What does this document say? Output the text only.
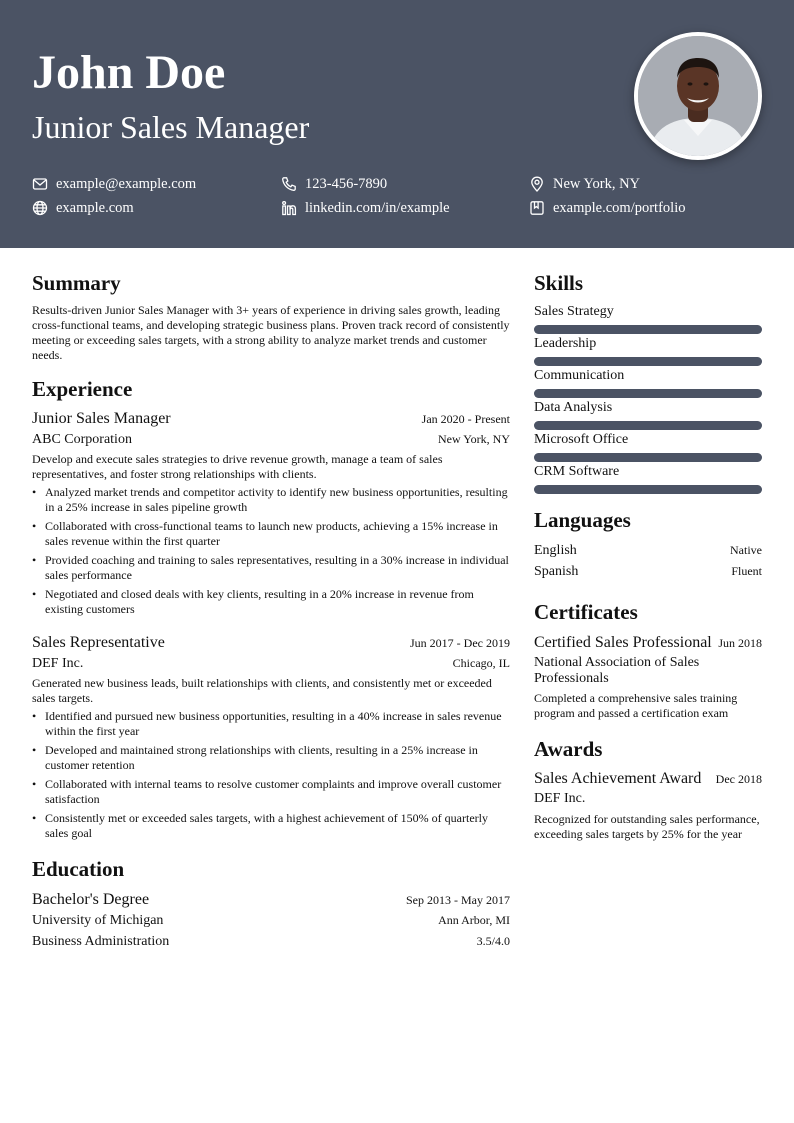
John Doe
Junior Sales Manager
example@example.com	123-456-7890	New York, NY
example.com	linkedin.com/in/example	example.com/portfolio
Summary

Results-driven Junior Sales Manager with 3+ years of experience in driving sales growth, leading cross-functional teams, and developing strategic business plans. Proven track record of consistently meeting or exceeding sales targets, with a strong ability to analyze market trends and customer needs.

Experience
Junior Sales Manager	Jan 2020 - Present
ABC Corporation	New York, NY

Develop and execute sales strategies to drive revenue growth, manage a team of sales representatives, and foster strong relationships with clients.

• Analyzed market trends and competitor activity to identify new business opportunities, resulting in a 25% increase in sales pipeline growth
• Collaborated with cross-functional teams to launch new products, achieving a 15% increase in sales revenue within the first quarter
• Provided coaching and training to sales representatives, resulting in a 30% increase in individual sales performance
• Negotiated and closed deals with key clients, resulting in a 20% increase in revenue from existing customers
Sales Representative	Jun 2017 - Dec 2019
DEF Inc.	Chicago, IL

Generated new business leads, built relationships with clients, and consistently met or exceeded sales targets.

• Identified and pursued new business opportunities, resulting in a 40% increase in sales revenue within the first year
• Developed and maintained strong relationships with clients, resulting in a 25% increase in customer retention
• Collaborated with internal teams to resolve customer complaints and improve overall customer satisfaction
• Consistently met or exceeded sales targets, with a highest achievement of 150% of quarterly sales goal
Education
Bachelor's Degree	Sep 2013 - May 2017
University of Michigan	Ann Arbor, MI
Business Administration	3.5/4.0
Skills
Sales Strategy
Leadership
Communication
Data Analysis
Microsoft Office
CRM Software
Languages
English	Native
Spanish	Fluent
Certificates
Certified Sales Professional Jun 2018
National Association of Sales Professionals

Completed a comprehensive sales training program and passed a certification exam

Awards
Sales Achievement Award Dec 2018
DEF Inc.

Recognized for outstanding sales performance, exceeding sales targets by 25% for the year
